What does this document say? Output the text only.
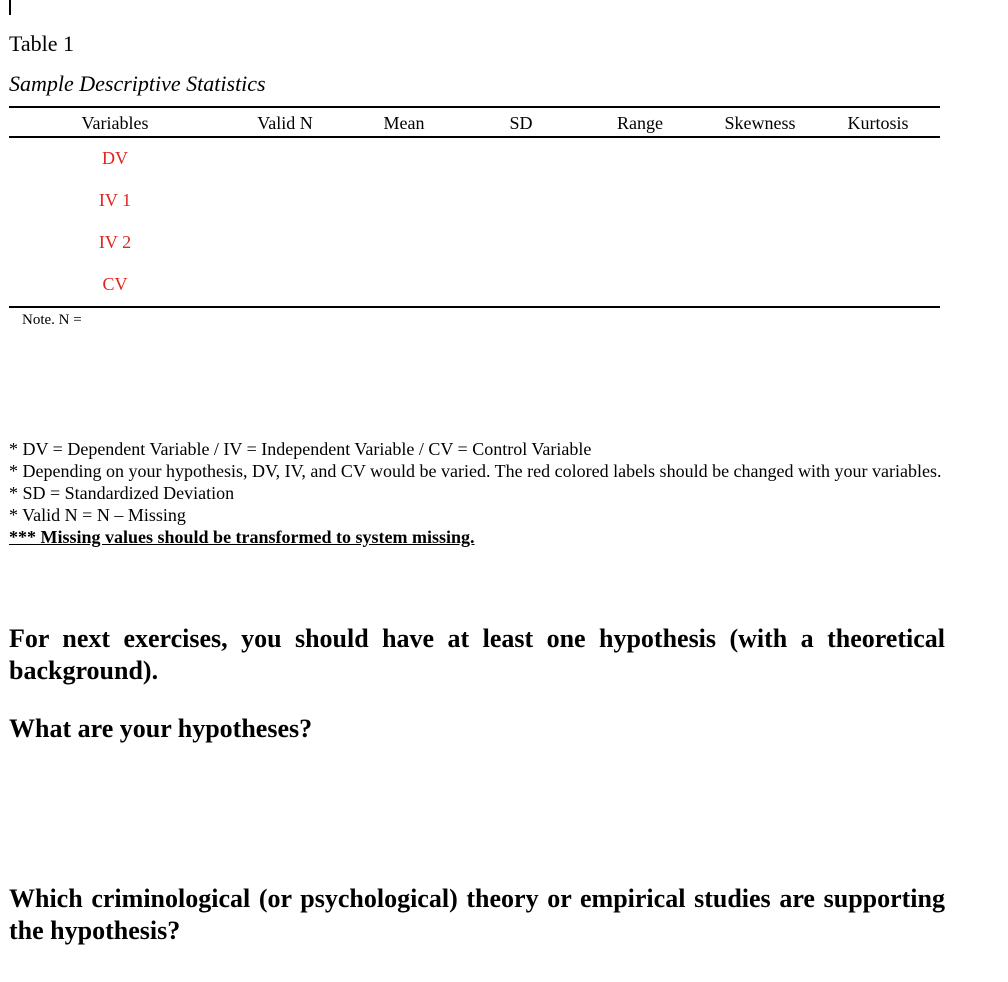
Table 1
Sample Descriptive Statistics
Variables	Valid N	Mean	SD	Range	Skewness	Kurtosis
DV
IV 1
IV 2
CV
Note. N =

* DV = Dependent Variable / IV = Independent Variable / CV = Control Variable

* Depending on your hypothesis, DV, IV, and CV would be varied. The red colored labels should be changed with your variables.

* SD = Standardized Deviation

* Valid N = N – Missing

*** Missing values should be transformed to system missing.

For next exercises, you should have at least one hypothesis (with a theoretical background).
What are your hypotheses?
Which criminological (or psychological) theory or empirical studies are supporting the hypothesis?
